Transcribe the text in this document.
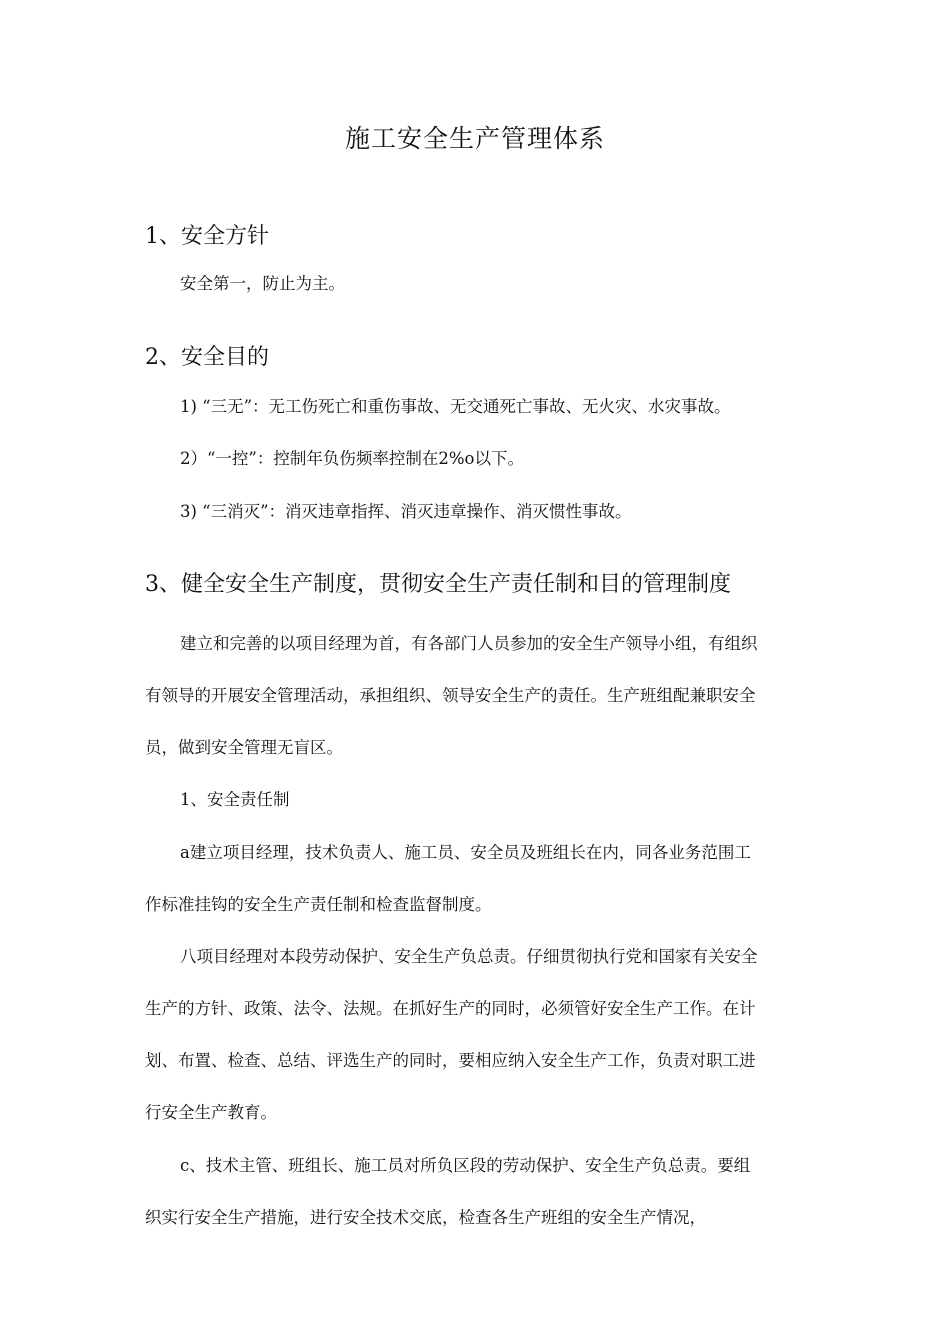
施工安全生产管理体系
1、安全方针
安全第一，防止为主。
2、安全目的
1) “三无”：无工伤死亡和重伤事故、无交通死亡事故、无火灾、水灾事故。
2）“一控”：控制年负伤频率控制在2%o以下。
3) “三消灭”：消灭违章指挥、消灭违章操作、消灭惯性事故。
3、健全安全生产制度，贯彻安全生产责任制和目的管理制度
建立和完善的以项目经理为首，有各部门人员参加的安全生产领导小组，有组织
有领导的开展安全管理活动，承担组织、领导安全生产的责任。生产班组配兼职安全
员，做到安全管理无盲区。
1、安全责任制
a建立项目经理，技术负责人、施工员、安全员及班组长在内，同各业务范围工
作标准挂钩的安全生产责任制和检查监督制度。
八项目经理对本段劳动保护、安全生产负总责。仔细贯彻执行党和国家有关安全
生产的方针、政策、法令、法规。在抓好生产的同时，必须管好安全生产工作。在计
划、布置、检查、总结、评选生产的同时，要相应纳入安全生产工作，负责对职工进
行安全生产教育。
c、技术主管、班组长、施工员对所负区段的劳动保护、安全生产负总责。要组
织实行安全生产措施，进行安全技术交底，检查各生产班组的安全生产情况，
